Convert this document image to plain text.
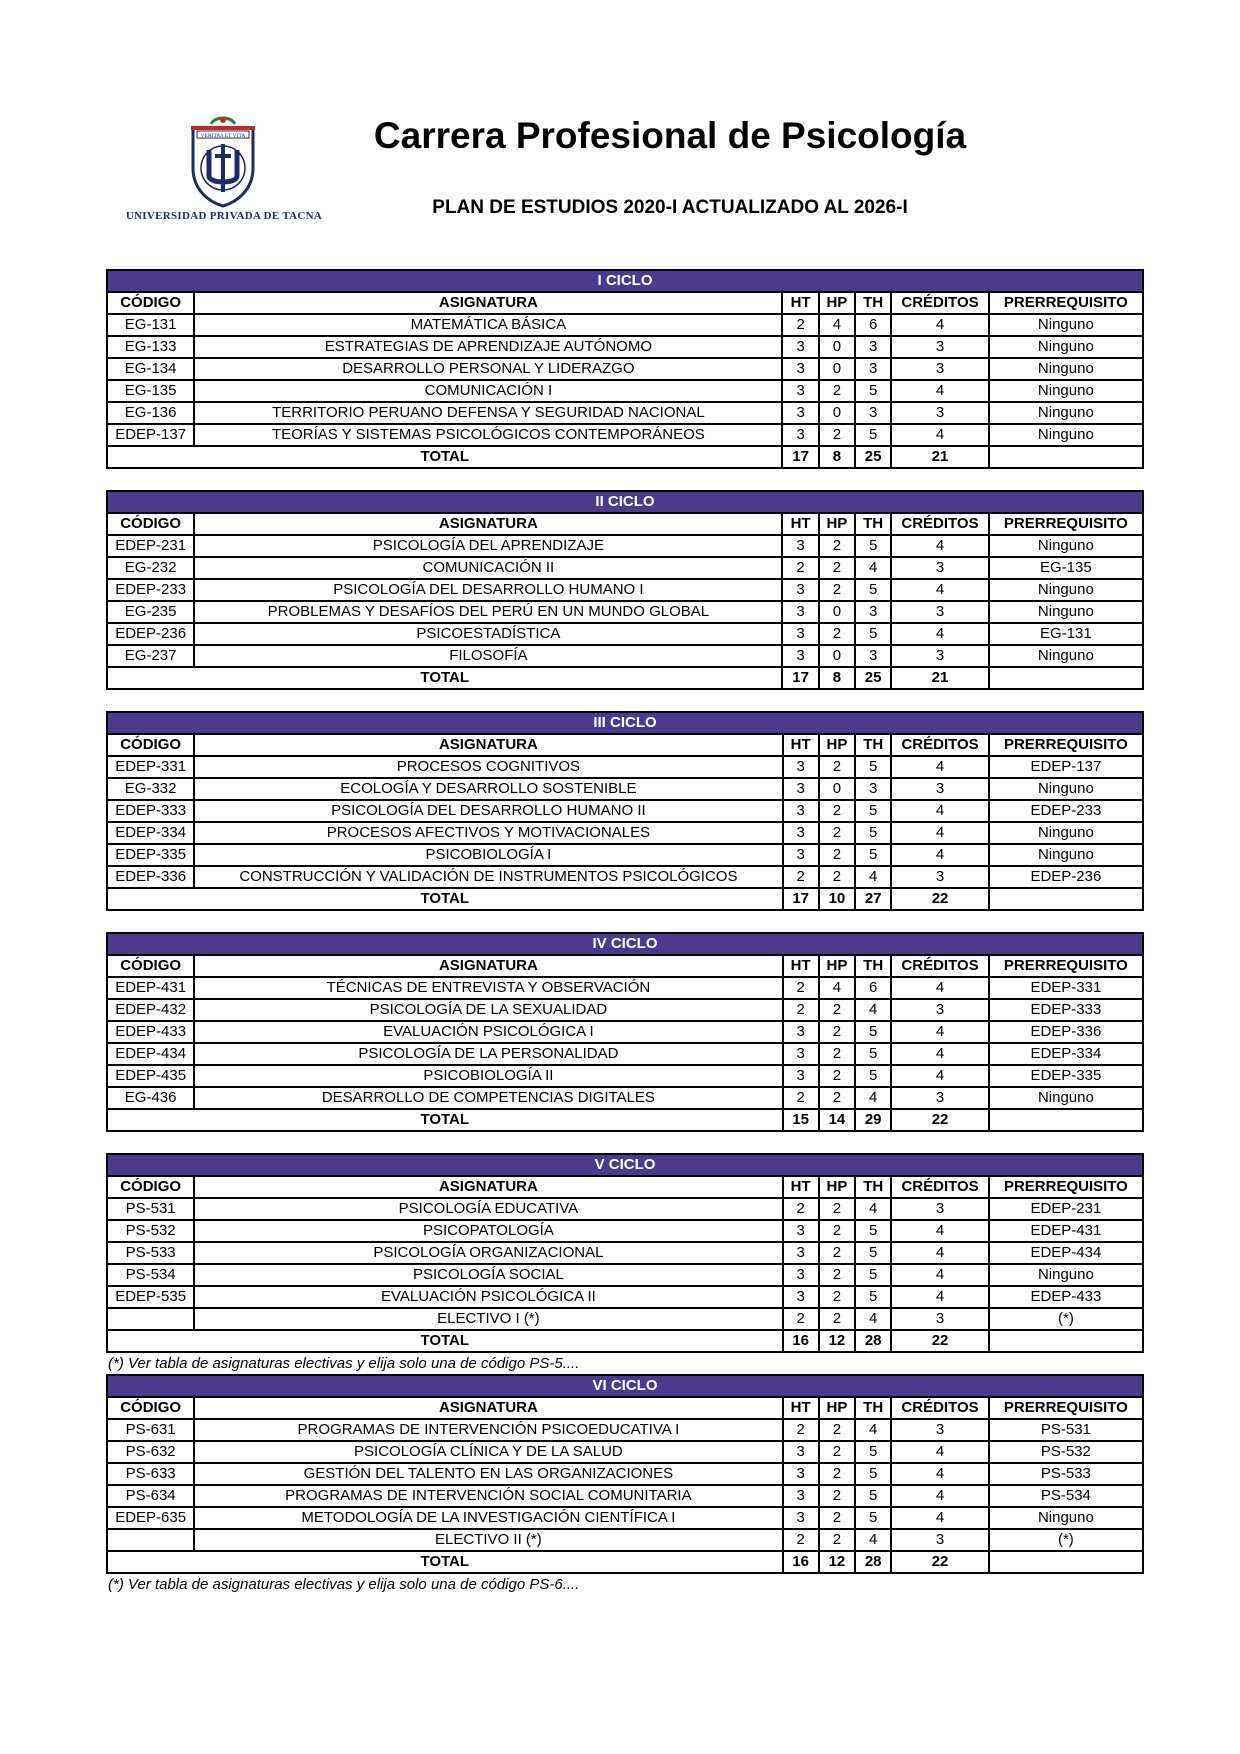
VERITAS ET VITA
UNIVERSIDAD PRIVADA DE TACNA
Carrera Profesional de Psicología
PLAN DE ESTUDIOS 2020-I ACTUALIZADO AL 2026-I
I CICLO						
CÓDIGO	ASIGNATURA	HT	HP	TH	CRÉDITOS	PRERREQUISITO
EG-131	MATEMÁTICA BÁSICA	2	4	6	4	Ninguno
EG-133	ESTRATEGIAS DE APRENDIZAJE AUTÓNOMO	3	0	3	3	Ninguno
EG-134	DESARROLLO PERSONAL Y LIDERAZGO	3	0	3	3	Ninguno
EG-135	COMUNICACIÓN I	3	2	5	4	Ninguno
EG-136	TERRITORIO PERUANO DEFENSA Y SEGURIDAD NACIONAL	3	0	3	3	Ninguno
EDEP-137	TEORÍAS Y SISTEMAS PSICOLÓGICOS CONTEMPORÁNEOS	3	2	5	4	Ninguno
TOTAL		17	8	25	21	
II CICLO						
CÓDIGO	ASIGNATURA	HT	HP	TH	CRÉDITOS	PRERREQUISITO
EDEP-231	PSICOLOGÍA DEL APRENDIZAJE	3	2	5	4	Ninguno
EG-232	COMUNICACIÓN II	2	2	4	3	EG-135
EDEP-233	PSICOLOGÍA DEL DESARROLLO HUMANO I	3	2	5	4	Ninguno
EG-235	PROBLEMAS Y DESAFÍOS DEL PERÚ EN UN MUNDO GLOBAL	3	0	3	3	Ninguno
EDEP-236	PSICOESTADÍSTICA	3	2	5	4	EG-131
EG-237	FILOSOFÍA	3	0	3	3	Ninguno
TOTAL		17	8	25	21	
III CICLO						
CÓDIGO	ASIGNATURA	HT	HP	TH	CRÉDITOS	PRERREQUISITO
EDEP-331	PROCESOS COGNITIVOS	3	2	5	4	EDEP-137
EG-332	ECOLOGÍA Y DESARROLLO SOSTENIBLE	3	0	3	3	Ninguno
EDEP-333	PSICOLOGÍA DEL DESARROLLO HUMANO II	3	2	5	4	EDEP-233
EDEP-334	PROCESOS AFECTIVOS Y MOTIVACIONALES	3	2	5	4	Ninguno
EDEP-335	PSICOBIOLOGÍA I	3	2	5	4	Ninguno
EDEP-336	CONSTRUCCIÓN Y VALIDACIÓN DE INSTRUMENTOS PSICOLÓGICOS	2	2	4	3	EDEP-236
TOTAL		17	10	27	22	
IV CICLO						
CÓDIGO	ASIGNATURA	HT	HP	TH	CRÉDITOS	PRERREQUISITO
EDEP-431	TÉCNICAS DE ENTREVISTA Y OBSERVACIÓN	2	4	6	4	EDEP-331
EDEP-432	PSICOLOGÍA DE LA SEXUALIDAD	2	2	4	3	EDEP-333
EDEP-433	EVALUACIÓN PSICOLÓGICA I	3	2	5	4	EDEP-336
EDEP-434	PSICOLOGÍA DE LA PERSONALIDAD	3	2	5	4	EDEP-334
EDEP-435	PSICOBIOLOGÍA II	3	2	5	4	EDEP-335
EG-436	DESARROLLO DE COMPETENCIAS DIGITALES	2	2	4	3	Ninguno
TOTAL		15	14	29	22	
V CICLO						
CÓDIGO	ASIGNATURA	HT	HP	TH	CRÉDITOS	PRERREQUISITO
PS-531	PSICOLOGÍA EDUCATIVA	2	2	4	3	EDEP-231
PS-532	PSICOPATOLOGÍA	3	2	5	4	EDEP-431
PS-533	PSICOLOGÍA ORGANIZACIONAL	3	2	5	4	EDEP-434
PS-534	PSICOLOGÍA SOCIAL	3	2	5	4	Ninguno
EDEP-535	EVALUACIÓN PSICOLÓGICA II	3	2	5	4	EDEP-433
	ELECTIVO I (*)	2	2	4	3	(*)
TOTAL		16	12	28	22	
(*) Ver tabla de asignaturas electivas y elija solo una de código PS-5....
VI CICLO						
CÓDIGO	ASIGNATURA	HT	HP	TH	CRÉDITOS	PRERREQUISITO
PS-631	PROGRAMAS DE INTERVENCIÓN PSICOEDUCATIVA I	2	2	4	3	PS-531
PS-632	PSICOLOGÍA CLÍNICA Y DE LA SALUD	3	2	5	4	PS-532
PS-633	GESTIÓN DEL TALENTO EN LAS ORGANIZACIONES	3	2	5	4	PS-533
PS-634	PROGRAMAS DE INTERVENCIÓN SOCIAL COMUNITARIA	3	2	5	4	PS-534
EDEP-635	METODOLOGÍA DE LA INVESTIGACIÓN CIENTÍFICA I	3	2	5	4	Ninguno
	ELECTIVO II (*)	2	2	4	3	(*)
TOTAL		16	12	28	22	
(*) Ver tabla de asignaturas electivas y elija solo una de código PS-6....
